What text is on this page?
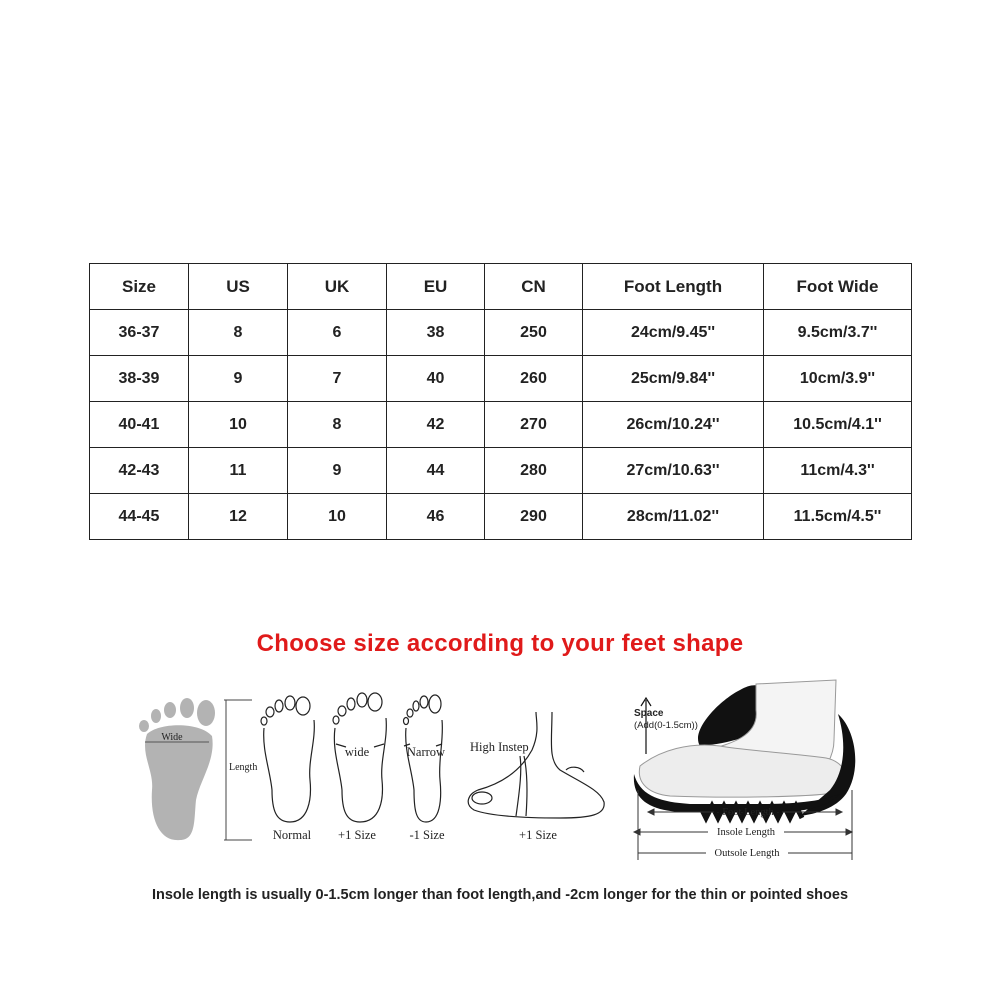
Size	US	UK	EU	CN	Foot Length	Foot Wide
36-37	8	6	38	250	24cm/9.45''	9.5cm/3.7''
38-39	9	7	40	260	25cm/9.84''	10cm/3.9''
40-41	10	8	42	270	26cm/10.24''	10.5cm/4.1''
42-43	11	9	44	280	27cm/10.63''	11cm/4.3''
44-45	12	10	46	290	28cm/11.02''	11.5cm/4.5''
Choose size according to your feet shape
Wide
Length
Normal
wide
+1 Size
Narrow
-1 Size
High Instep
+1 Size
Space
(Add(0-1.5cm))
Foot Length
Insole Length
Outsole Length
Insole length is usually 0-1.5cm longer than foot length,and -2cm longer for the thin or pointed shoes
